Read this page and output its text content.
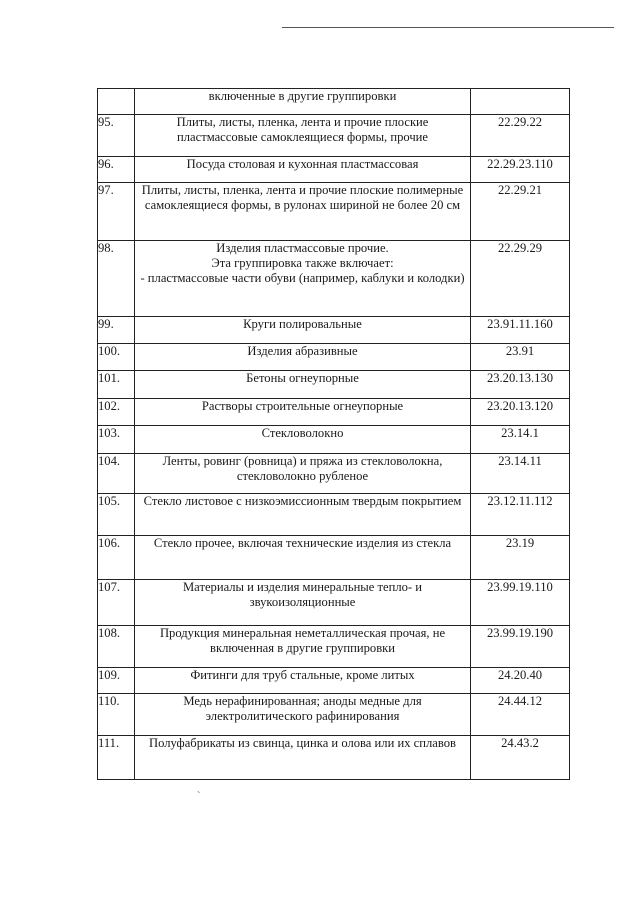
	включенные в другие группировки	
95.	Плиты, листы, пленка, лента и прочие плоские пластмассовые самоклеящиеся формы, прочие	22.29.22
96.	Посуда столовая и кухонная пластмассовая	22.29.23.110
97.	Плиты, листы, пленка, лента и прочие плоские полимерные самоклеящиеся формы, в рулонах шириной не более 20 см	22.29.21
98.	Изделия пластмассовые прочие.
Эта группировка также включает:
- пластмассовые части обуви (например, каблуки и колодки)	22.29.29
99.	Круги полировальные	23.91.11.160
100.	Изделия абразивные	23.91
101.	Бетоны огнеупорные	23.20.13.130
102.	Растворы строительные огнеупорные	23.20.13.120
103.	Стекловолокно	23.14.1
104.	Ленты, ровинг (ровница) и пряжа из стекловолокна, стекловолокно рубленое	23.14.11
105.	Стекло листовое с низкоэмиссионным твердым покрытием	23.12.11.112
106.	Стекло прочее, включая технические изделия из стекла	23.19
107.	Материалы и изделия минеральные тепло- и звукоизоляционные	23.99.19.110
108.	Продукция минеральная неметаллическая прочая, не включенная в другие группировки	23.99.19.190
109.	Фитинги для труб стальные, кроме литых	24.20.40
110.	Медь нерафинированная; аноды медные для электролитического рафинирования	24.44.12
111.	Полуфабрикаты из свинца, цинка и олова или их сплавов	24.43.2
`
